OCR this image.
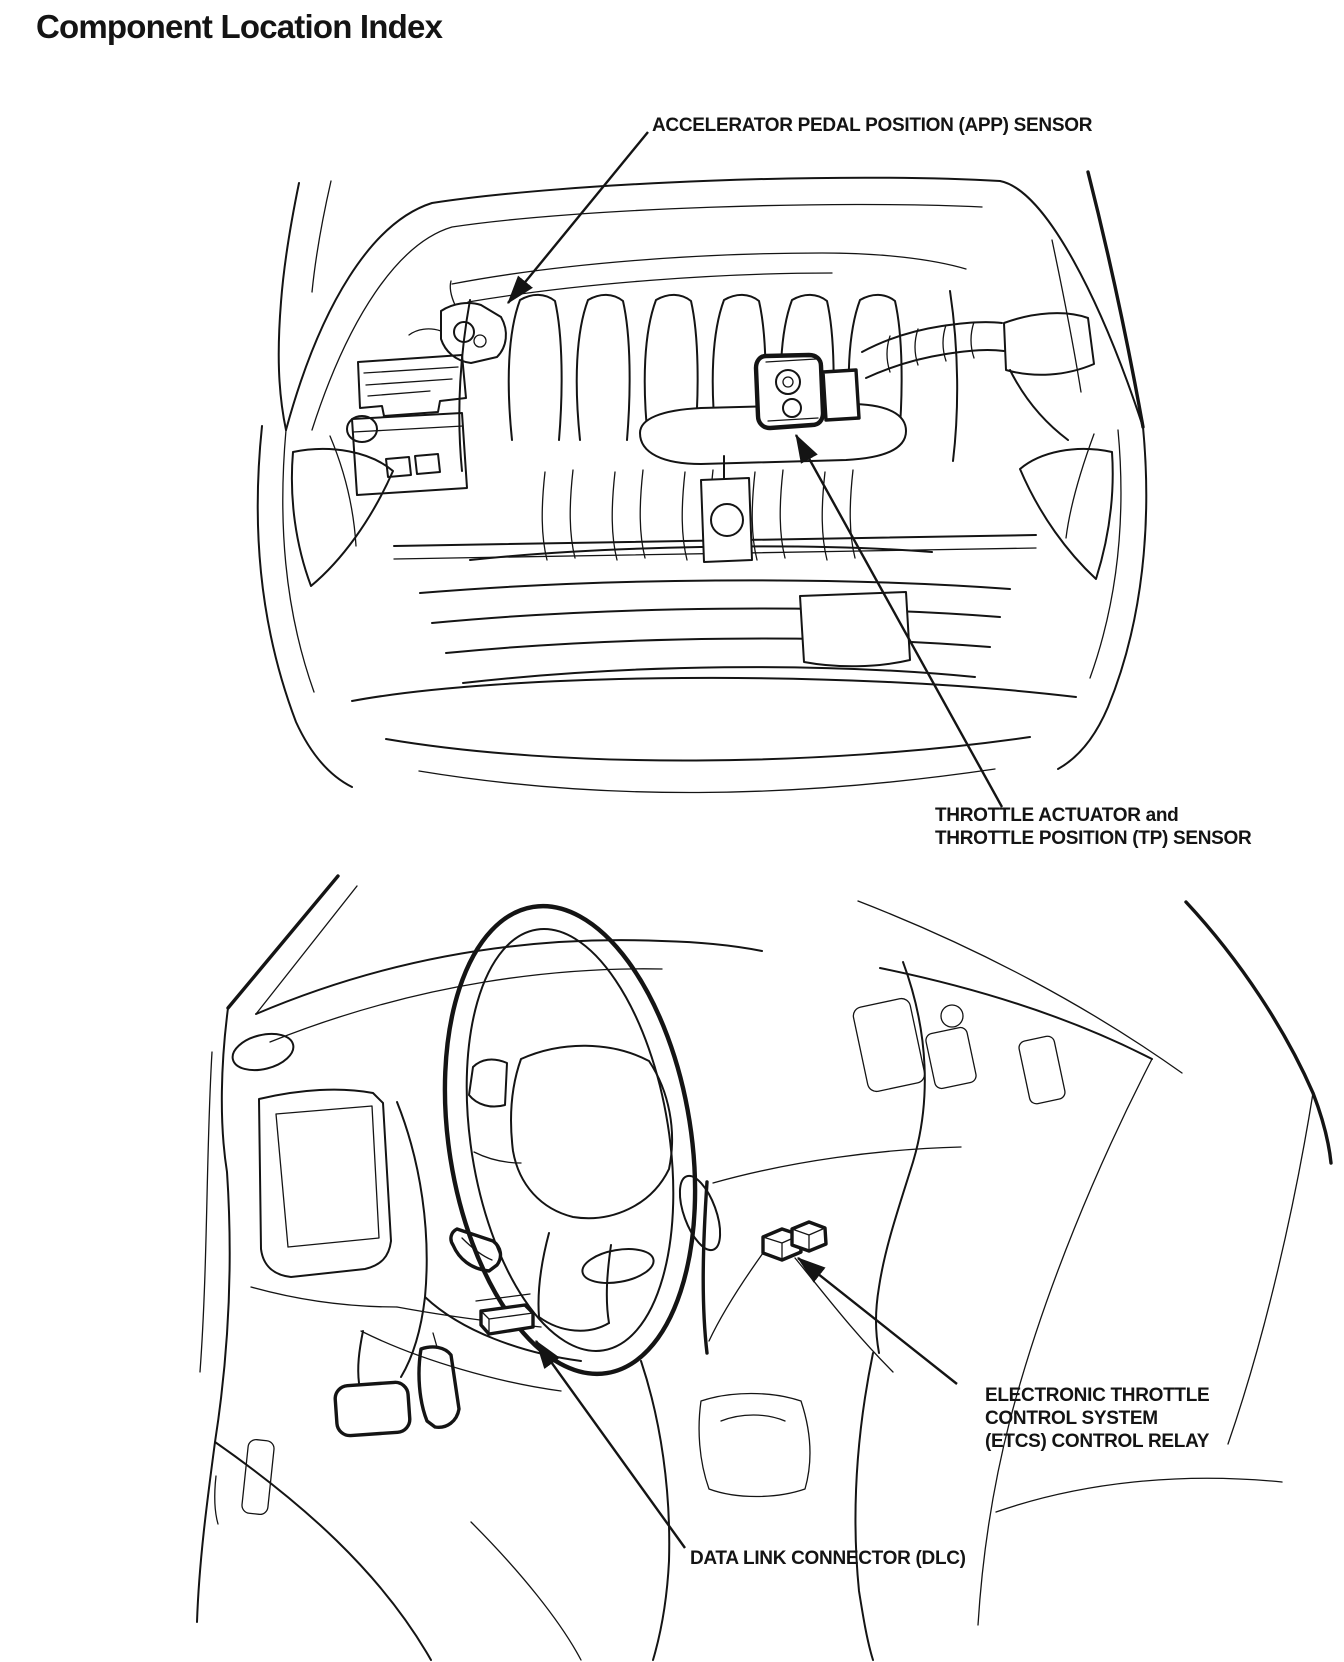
Component Location Index
ACCELERATOR PEDAL POSITION (APP) SENSOR
THROTTLE ACTUATOR and
THROTTLE POSITION (TP) SENSOR
ELECTRONIC THROTTLE
CONTROL SYSTEM
(ETCS) CONTROL RELAY
DATA LINK CONNECTOR (DLC)
